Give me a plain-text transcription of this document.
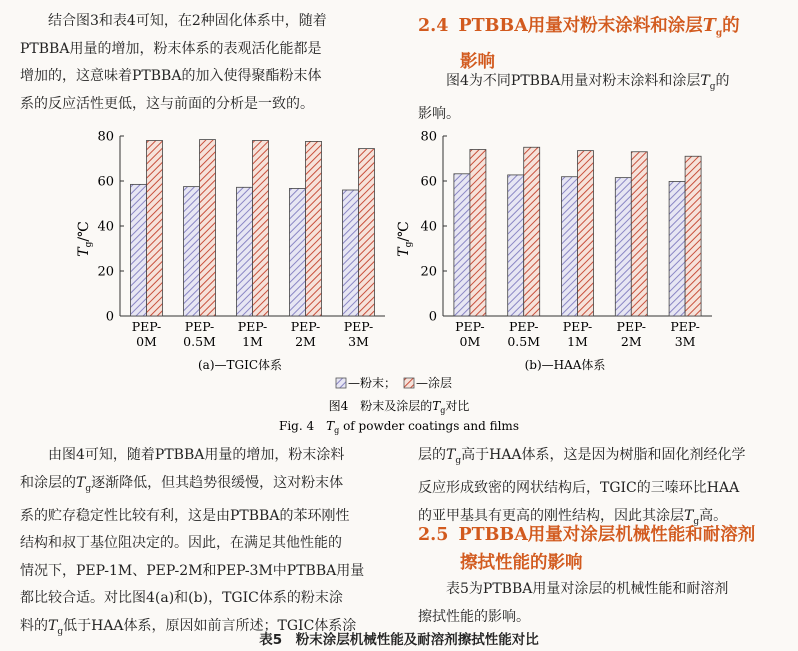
结合图3和表4可知，在2种固化体系中，随着

PTBBA用量的增加，粉末体系的表观活化能都是

增加的，这意味着PTBBA的加入使得聚酯粉末体

系的反应活性更低，这与前面的分析是一致的。

2.4 PTBBA用量对粉末涂料和涂层$T_g$的
影响

图4为不同PTBBA用量对粉末涂料和涂层$T_g$的

影响。

0
20
40
60
80
PEP-
0M
PEP-
0.5M
PEP-
1M
PEP-
2M
PEP-
3M
0
20
40
60
80
PEP-
0M
PEP-
0.5M
PEP-
1M
PEP-
2M
PEP-
3M
$T_g/℃$
$T_g/℃$
(a)—TGIC体系	(b)—HAA体系
—粉末； —涂层
图4　粉末及涂层的$T_g$对比
Fig. 4　$T_g$ of powder coatings and films

由图4可知，随着PTBBA用量的增加，粉末涂料

和涂层的$T_g$逐渐降低，但其趋势很缓慢，这对粉末体

系的贮存稳定性比较有利，这是由PTBBA的苯环刚性

结构和叔丁基位阻决定的。因此，在满足其他性能的

情况下，PEP-1M、PEP-2M和PEP-3M中PTBBA用量

都比较合适。对比图4(a)和(b)，TGIC体系的粉末涂

料的$T_g$低于HAA体系，原因如前言所述；TGIC体系涂

层的$T_g$高于HAA体系，这是因为树脂和固化剂经化学

反应形成致密的网状结构后，TGIC的三嗪环比HAA

的亚甲基具有更高的刚性结构，因此其涂层$T_g$高。

2.5 PTBBA用量对涂层机械性能和耐溶剂
擦拭性能的影响

表5为PTBBA用量对涂层的机械性能和耐溶剂

擦拭性能的影响。

表5　粉末涂层机械性能及耐溶剂擦拭性能对比
